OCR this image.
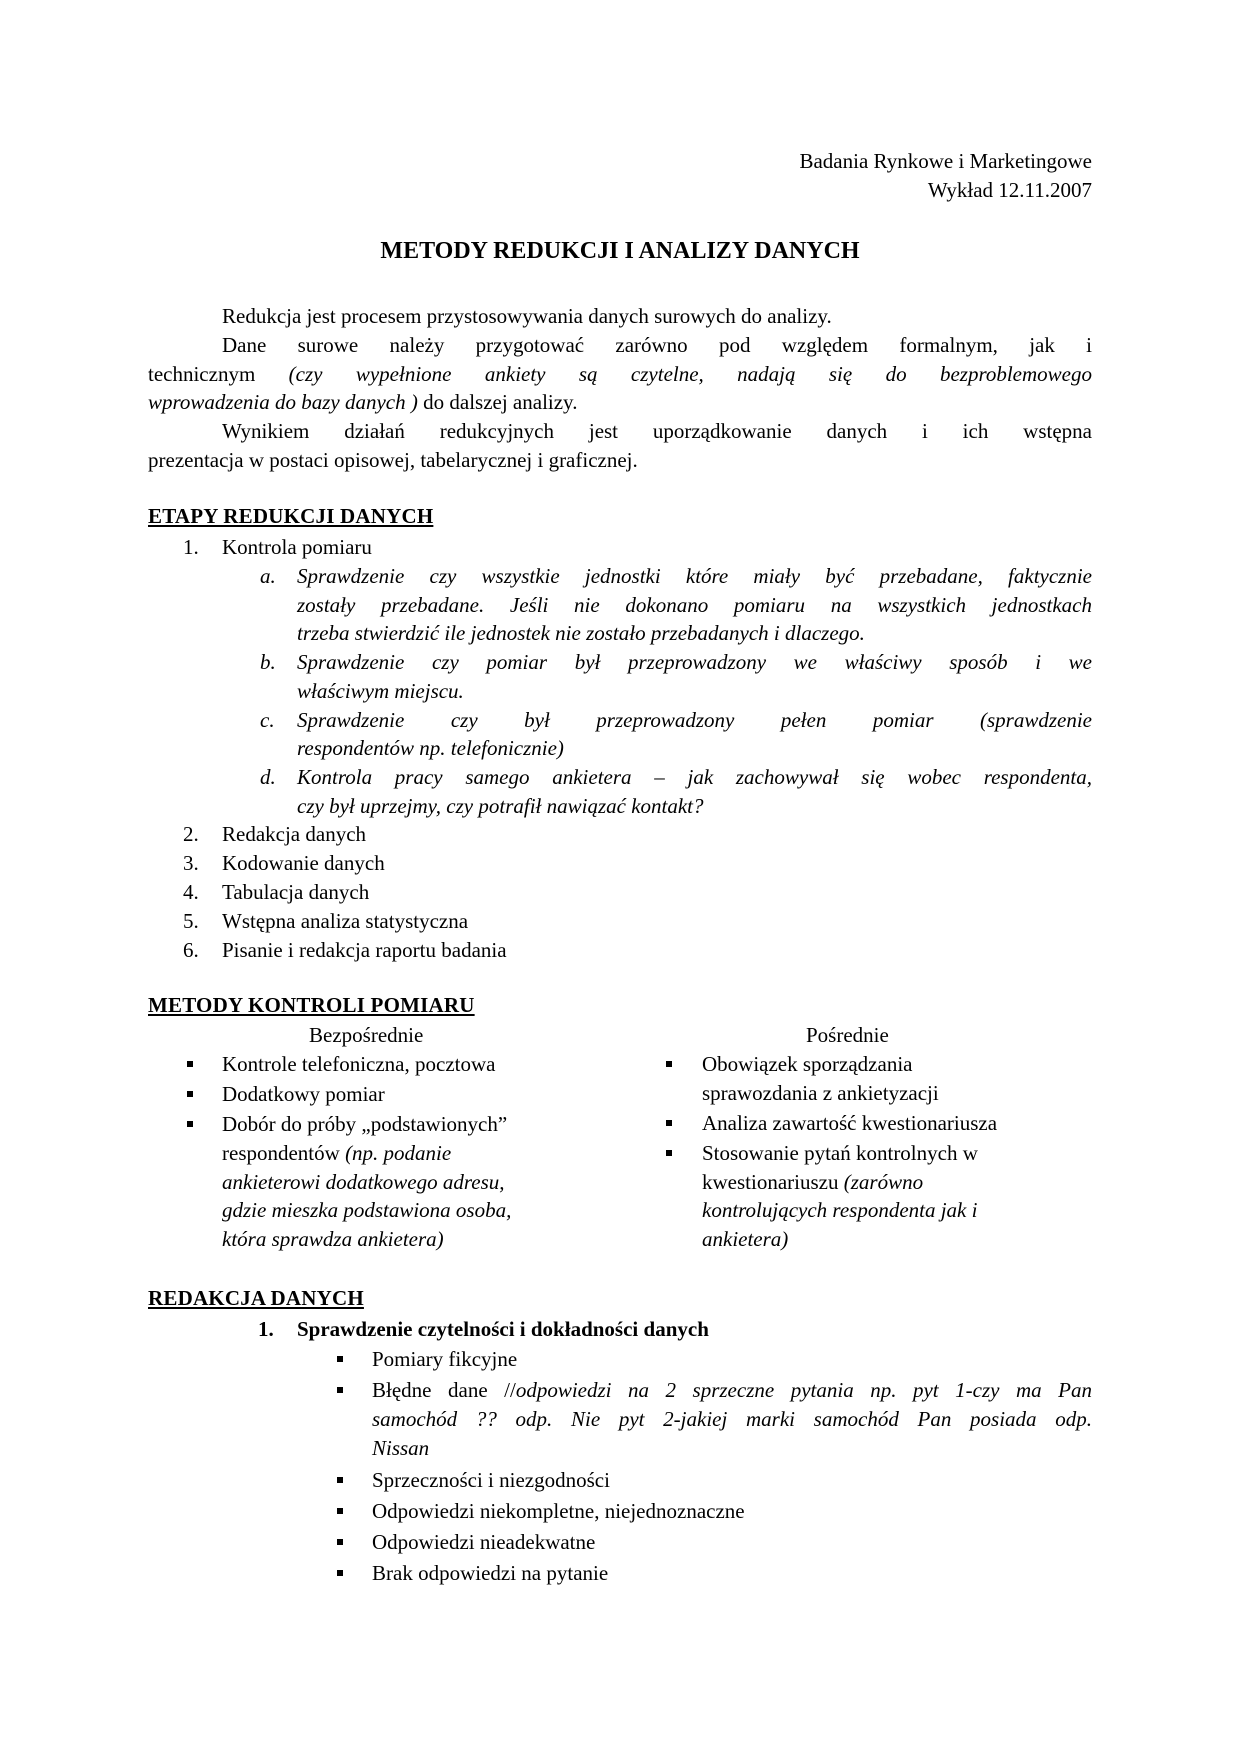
Badania Rynkowe i Marketingowe
Wykład 12.11.2007
METODY REDUKCJI I ANALIZY DANYCH
Redukcja jest procesem przystosowywania danych surowych do analizy.
Dane surowe należy przygotować zarówno pod względem formalnym, jak i
technicznym (czy wypełnione ankiety są czytelne, nadają się do bezproblemowego
wprowadzenia do bazy danych ) do dalszej analizy.
Wynikiem działań redukcyjnych jest uporządkowanie danych i ich wstępna
prezentacja w postaci opisowej, tabelarycznej i graficznej.
ETAPY REDUKCJI DANYCH
1. Kontrola pomiaru
a. Sprawdzenie czy wszystkie jednostki które miały być przebadane, faktycznie
zostały przebadane. Jeśli nie dokonano pomiaru na wszystkich jednostkach
trzeba stwierdzić ile jednostek nie zostało przebadanych i dlaczego.
b. Sprawdzenie czy pomiar był przeprowadzony we właściwy sposób i we
właściwym miejscu.
c. Sprawdzenie czy był przeprowadzony pełen pomiar (sprawdzenie
respondentów np. telefonicznie)
d. Kontrola pracy samego ankietera – jak zachowywał się wobec respondenta,
czy był uprzejmy, czy potrafił nawiązać kontakt?
2. Redakcja danych
3. Kodowanie danych
4. Tabulacja danych
5. Wstępna analiza statystyczna
6. Pisanie i redakcja raportu badania
METODY KONTROLI POMIARU
Bezpośrednie	Pośrednie
Kontrole telefoniczna, pocztowa
Dodatkowy pomiar
Dobór do próby „podstawionych”
respondentów (np. podanie
ankieterowi dodatkowego adresu,
gdzie mieszka podstawiona osoba,
która sprawdza ankietera)
Obowiązek sporządzania
sprawozdania z ankietyzacji
Analiza zawartość kwestionariusza
Stosowanie pytań kontrolnych w
kwestionariuszu (zarówno
kontrolujących respondenta jak i
ankietera)
REDAKCJA DANYCH
1. Sprawdzenie czytelności i dokładności danych
Pomiary fikcyjne
Błędne dane //odpowiedzi na 2 sprzeczne pytania np. pyt 1-czy ma Pan
samochód ?? odp. Nie pyt 2-jakiej marki samochód Pan posiada odp.
Nissan
Sprzeczności i niezgodności
Odpowiedzi niekompletne, niejednoznaczne
Odpowiedzi nieadekwatne
Brak odpowiedzi na pytanie
